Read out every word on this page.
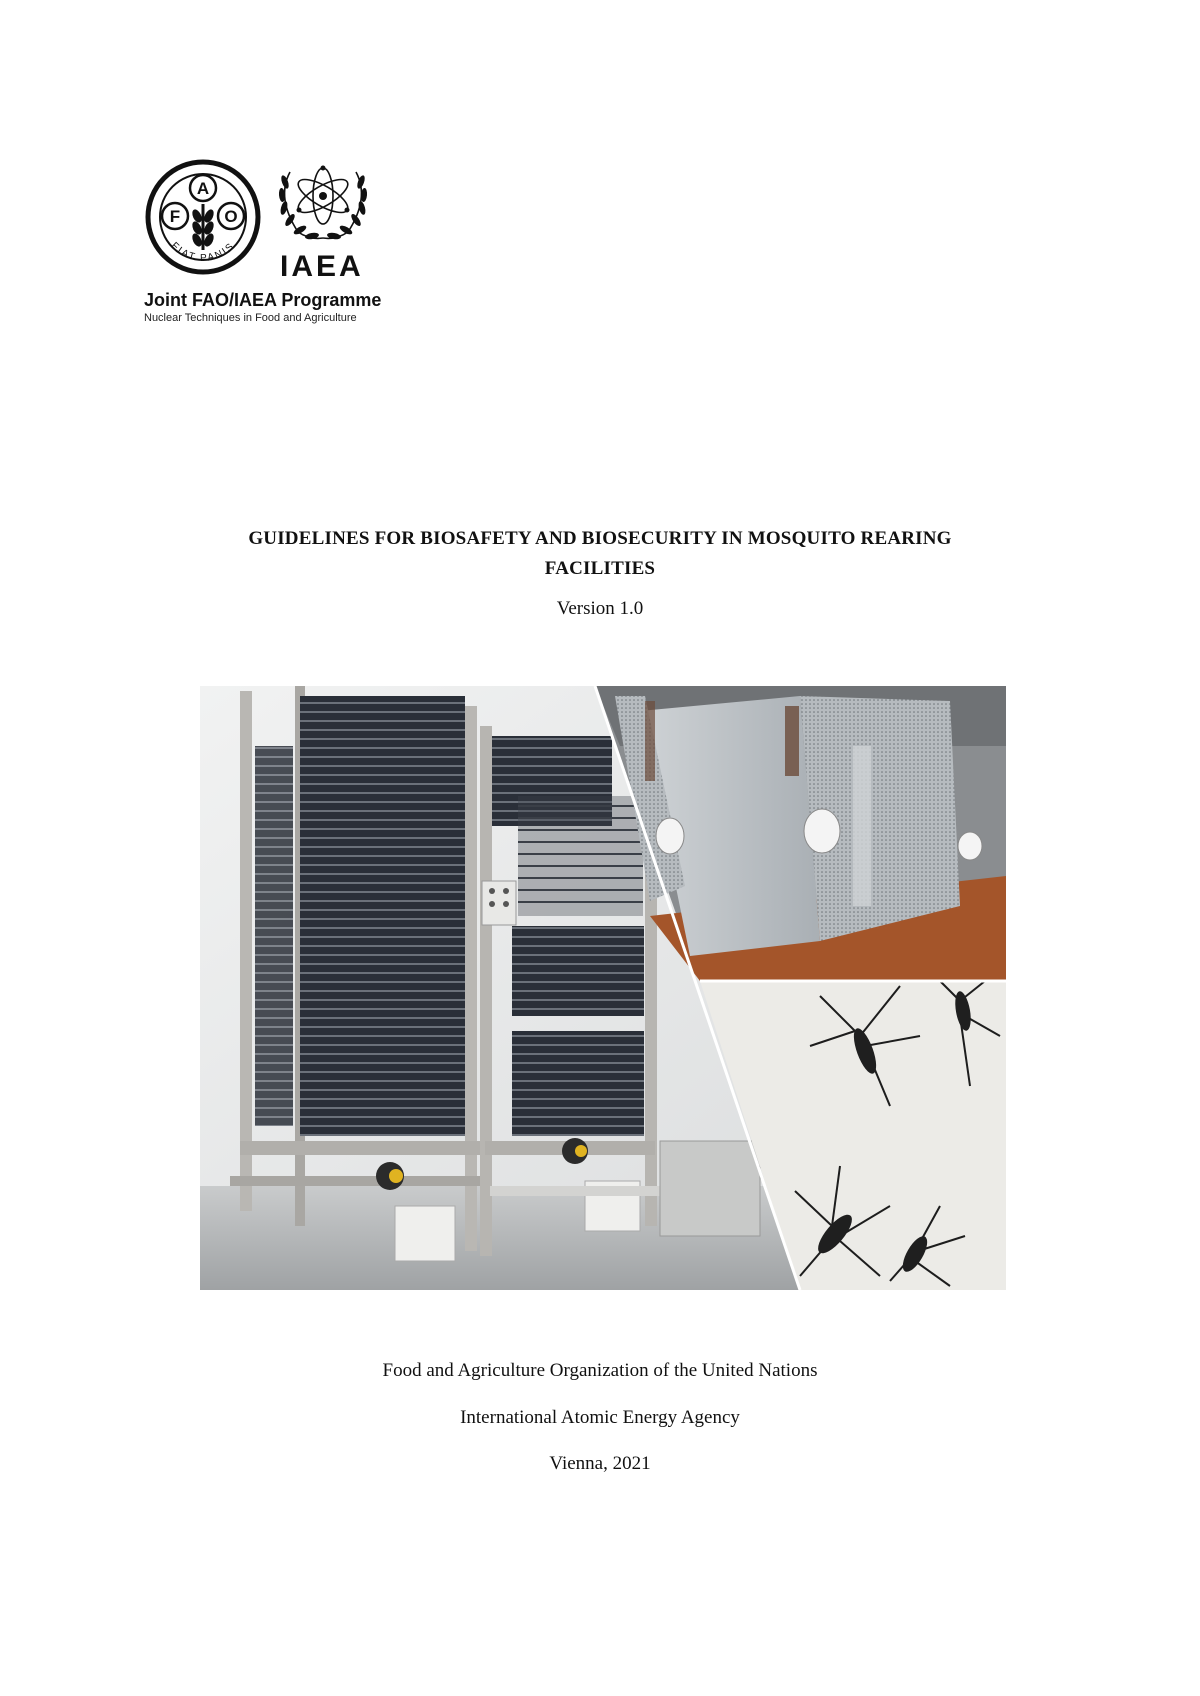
A
F	O
FIAT PANIS
IAEA
Joint FAO/IAEA Programme
Nuclear Techniques in Food and Agriculture
GUIDELINES FOR BIOSAFETY AND BIOSECURITY IN MOSQUITO REARING
FACILITIES
Version 1.0
Food and Agriculture Organization of the United Nations
International Atomic Energy Agency
Vienna, 2021
